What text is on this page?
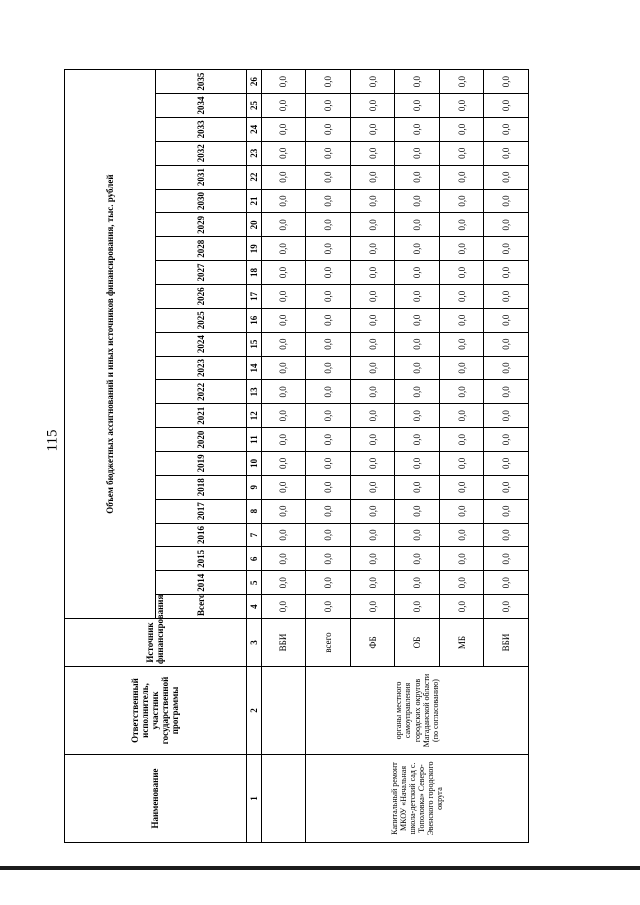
115
Наименование	Ответственный исполнитель, участник государственной программы	Источник финансирования	Объем бюджетных ассигнований и иных источников финансирования, тыс. рублей																						
			Всего	2014	2015	2016	2017	2018	2019	2020	2021	2022	2023	2024	2025	2026	2027	2028	2029	2030	2031	2032	2033	2034	2035
1	2	3	4	5	6	7	8	9	10	11	12	13	14	15	16	17	18	19	20	21	22	23	24	25	26
		ВБИ	0,0	0,0	0,0	0,0	0,0	0,0	0,0	0,0	0,0	0,0	0,0	0,0	0,0	0,0	0,0	0,0	0,0	0,0	0,0	0,0	0,0	0,0	0,0
Капитальный ремонт МКОУ «Начальная школа-детский сад с. Тополовка» Северо-Эвенского городского округа	органы местного самоуправления городских округов Магаданской области (по согласованию)	всего	0,0	0,0	0,0	0,0	0,0	0,0	0,0	0,0	0,0	0,0	0,0	0,0	0,0	0,0	0,0	0,0	0,0	0,0	0,0	0,0	0,0	0,0	0,0
		ФБ	0,0	0,0	0,0	0,0	0,0	0,0	0,0	0,0	0,0	0,0	0,0	0,0	0,0	0,0	0,0	0,0	0,0	0,0	0,0	0,0	0,0	0,0	0,0
		ОБ	0,0	0,0	0,0	0,0	0,0	0,0	0,0	0,0	0,0	0,0	0,0	0,0	0,0	0,0	0,0	0,0	0,0	0,0	0,0	0,0	0,0	0,0	0,0
		МБ	0,0	0,0	0,0	0,0	0,0	0,0	0,0	0,0	0,0	0,0	0,0	0,0	0,0	0,0	0,0	0,0	0,0	0,0	0,0	0,0	0,0	0,0	0,0
		ВБИ	0,0	0,0	0,0	0,0	0,0	0,0	0,0	0,0	0,0	0,0	0,0	0,0	0,0	0,0	0,0	0,0	0,0	0,0	0,0	0,0	0,0	0,0	0,0
